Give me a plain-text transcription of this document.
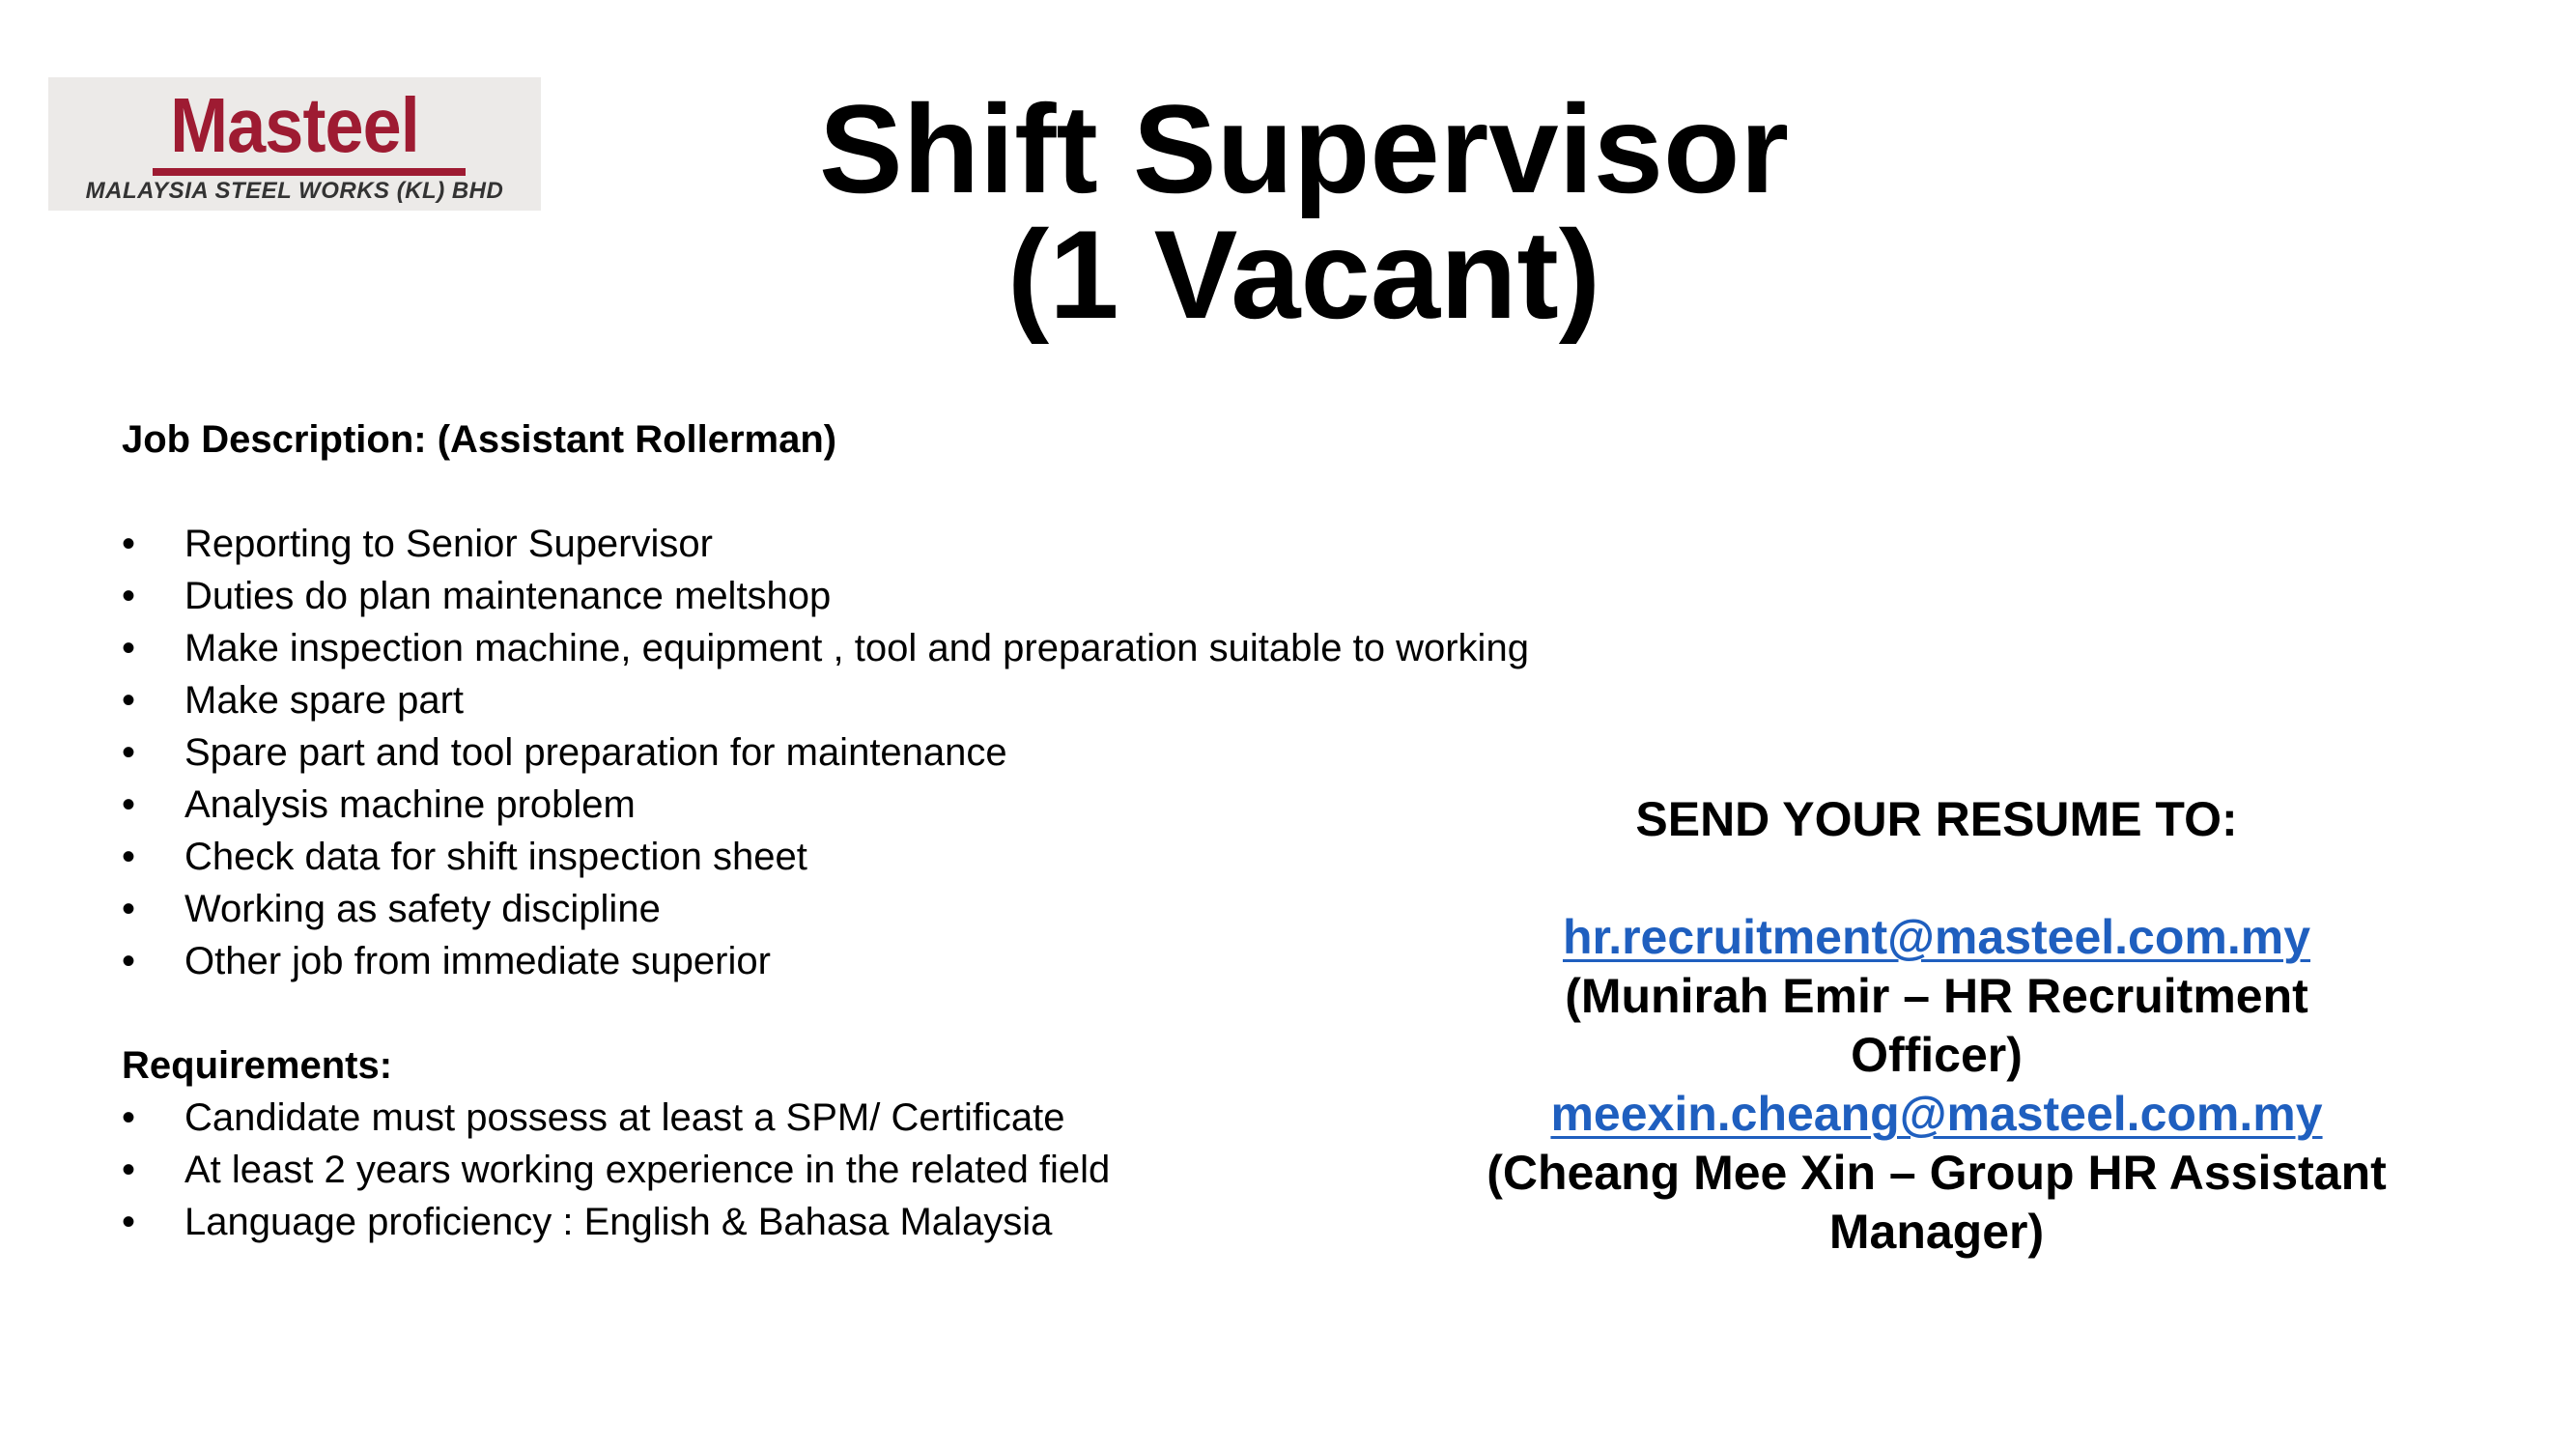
Masteel
MALAYSIA STEEL WORKS (KL) BHD	Shift Supervisor
(1 Vacant)

Job Description: (Assistant Rollerman)

• Reporting to Senior Supervisor
• Duties do plan maintenance meltshop
• Make inspection machine, equipment , tool and preparation suitable to working
• Make spare part
• Spare part and tool preparation for maintenance
• Analysis machine problem
• Check data for shift inspection sheet
• Working as safety discipline
• Other job from immediate superior

Requirements:

• Candidate must possess at least a SPM/ Certificate
• At least 2 years working experience in the related field
• Language proficiency : English & Bahasa Malaysia

SEND YOUR RESUME TO:

hr.recruitment@masteel.com.my
(Munirah Emir – HR Recruitment
Officer)
meexin.cheang@masteel.com.my
(Cheang Mee Xin – Group HR Assistant
Manager)
